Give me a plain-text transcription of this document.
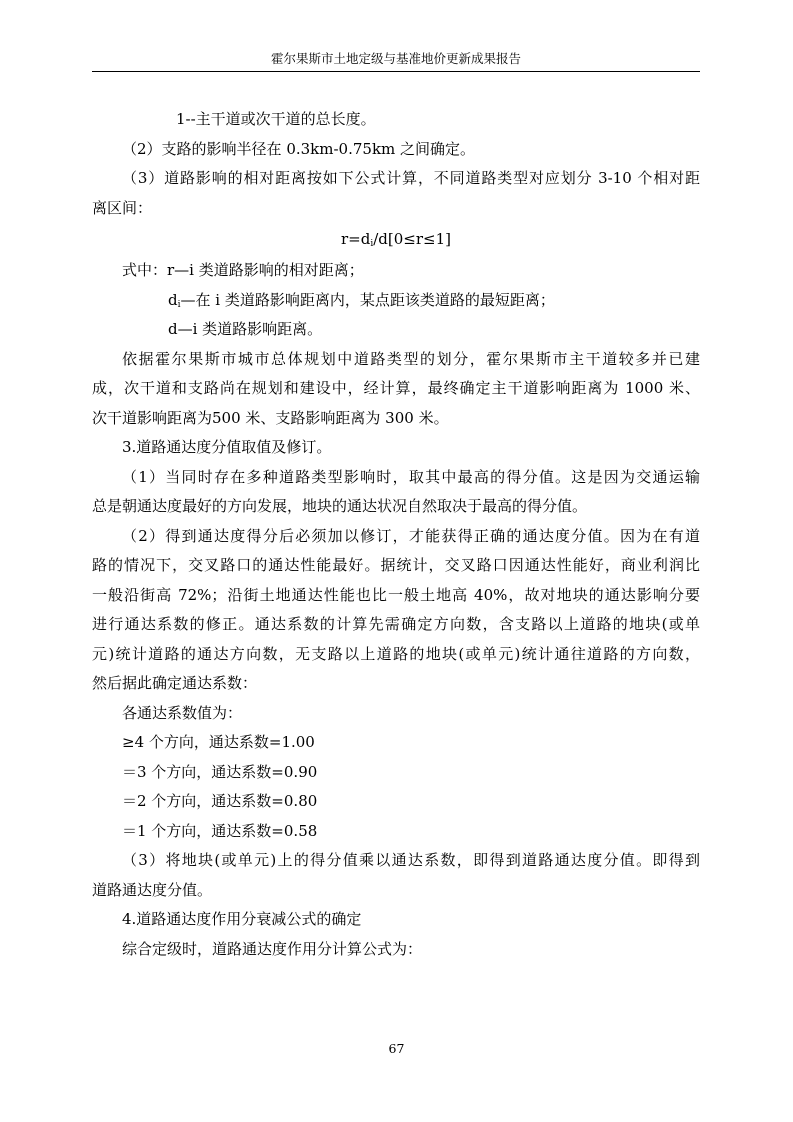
霍尔果斯市土地定级与基准地价更新成果报告
1--主干道或次干道的总长度。
（2）支路的影响半径在 0.3km-0.75km 之间确定。
（3）道路影响的相对距离按如下公式计算，不同道路类型对应划分 3-10 个相对距
离区间：
$r=d_i/d[0\le r\le 1]$
式中：r—i 类道路影响的相对距离；
$d_i—$在 i 类道路影响距离内，某点距该类道路的最短距离；
d—i 类道路影响距离。
依据霍尔果斯市城市总体规划中道路类型的划分，霍尔果斯市主干道较多并已建
成，次干道和支路尚在规划和建设中，经计算，最终确定主干道影响距离为 1000 米、
次干道影响距离为500 米、支路影响距离为 300 米。
3.道路通达度分值取值及修订。
（1）当同时存在多种道路类型影响时，取其中最高的得分值。这是因为交通运输
总是朝通达度最好的方向发展，地块的通达状况自然取决于最高的得分值。
（2）得到通达度得分后必须加以修订，才能获得正确的通达度分值。因为在有道
路的情况下，交叉路口的通达性能最好。据统计，交叉路口因通达性能好，商业利润比
一般沿街高 72%；沿街土地通达性能也比一般土地高 40%，故对地块的通达影响分要
进行通达系数的修正。通达系数的计算先需确定方向数，含支路以上道路的地块(或单
元)统计道路的通达方向数，无支路以上道路的地块(或单元)统计通往道路的方向数，
然后据此确定通达系数：
各通达系数值为：
≥4 个方向，通达系数=1.00
＝3 个方向，通达系数=0.90
＝2 个方向，通达系数=0.80
＝1 个方向，通达系数=0.58
（3）将地块(或单元)上的得分值乘以通达系数，即得到道路通达度分值。即得到
道路通达度分值。
4.道路通达度作用分衰减公式的确定
综合定级时，道路通达度作用分计算公式为：
67
